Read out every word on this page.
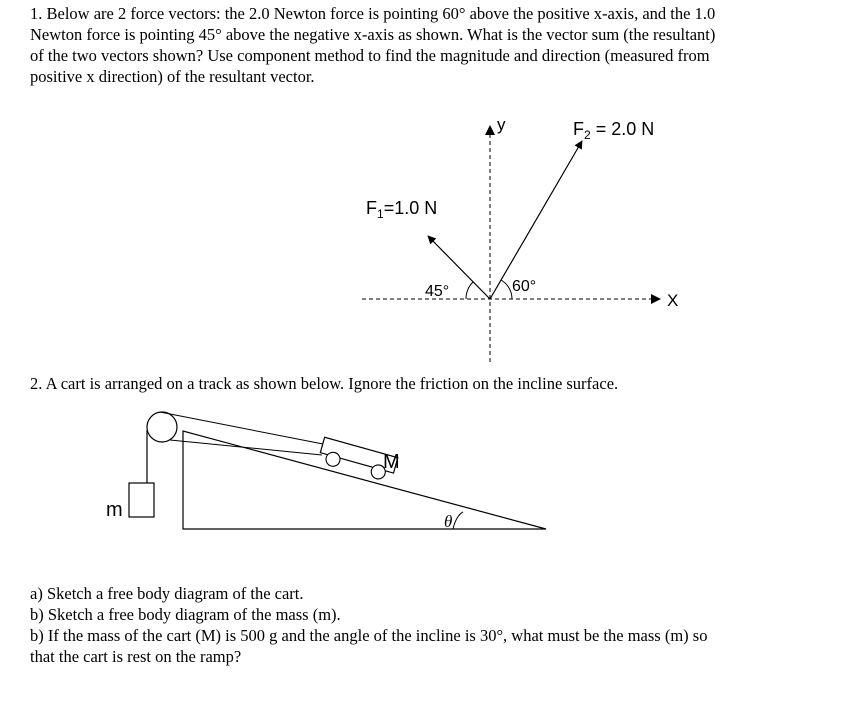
1. Below are 2 force vectors: the 2.0 Newton force is pointing 60° above the positive x-axis, and the 1.0
Newton force is pointing 45° above the negative x-axis as shown. What is the vector sum (the resultant)
of the two vectors shown? Use component method to find the magnitude and direction (measured from
positive x direction) of the resultant vector.
y
X
$F_2 = 2.0$ N
$F_1=1.0$ N
45°	60°
2. A cart is arranged on a track as shown below. Ignore the friction on the incline surface.
m
M
θ
a) Sketch a free body diagram of the cart.
b) Sketch a free body diagram of the mass (m).
b) If the mass of the cart (M) is 500 g and the angle of the incline is 30°, what must be the mass (m) so
that the cart is rest on the ramp?
